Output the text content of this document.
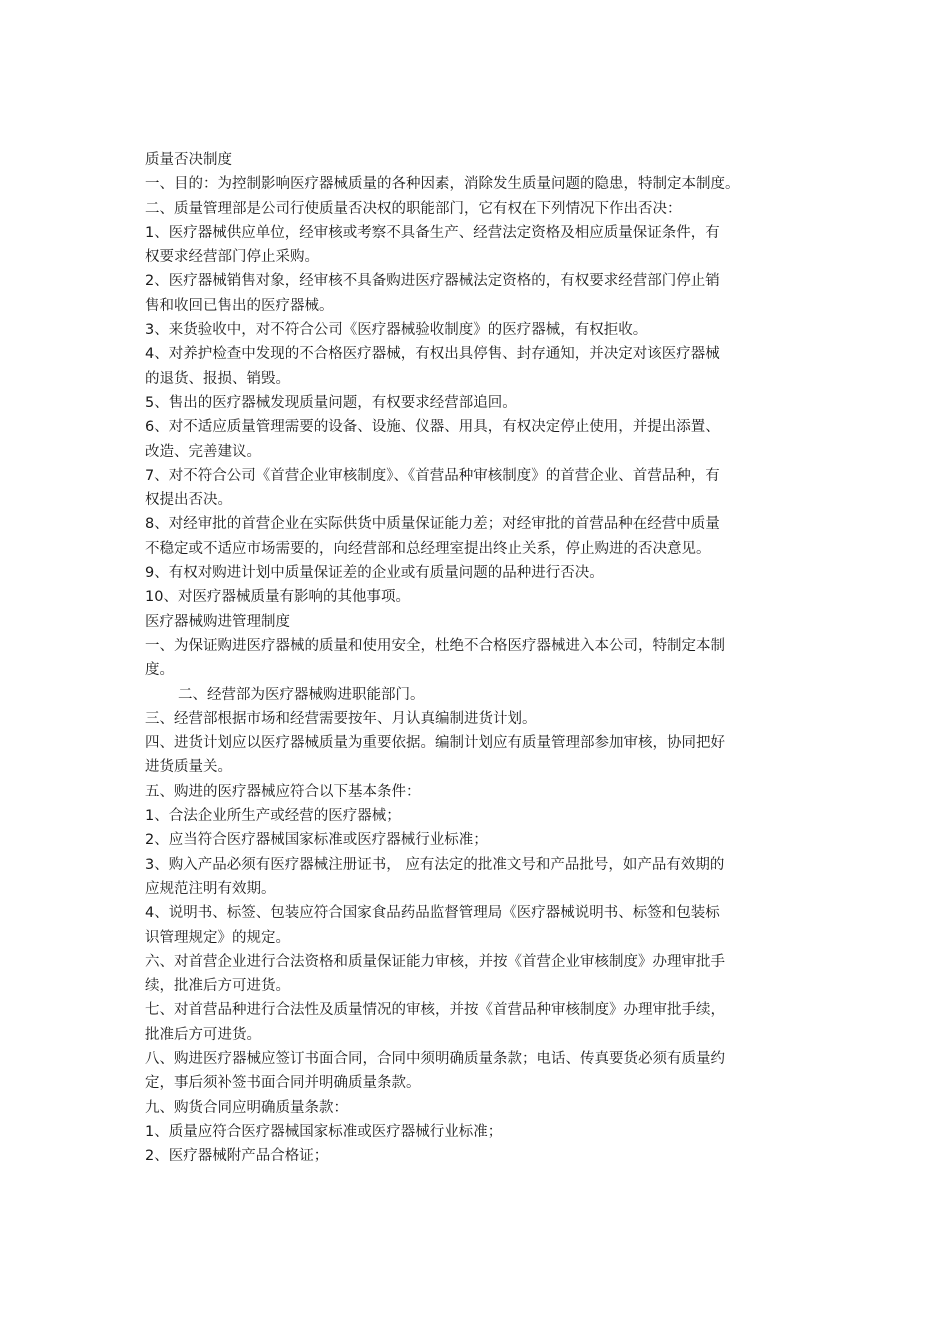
质量否决制度
一、目的：为控制影响医疗器械质量的各种因素，消除发生质量问题的隐患，特制定本制度。
二、质量管理部是公司行使质量否决权的职能部门，它有权在下列情况下作出否决：
1、医疗器械供应单位，经审核或考察不具备生产、经营法定资格及相应质量保证条件，有
权要求经营部门停止采购。
2、医疗器械销售对象，经审核不具备购进医疗器械法定资格的，有权要求经营部门停止销
售和收回已售出的医疗器械。
3、来货验收中，对不符合公司《医疗器械验收制度》的医疗器械，有权拒收。
4、对养护检查中发现的不合格医疗器械，有权出具停售、封存通知，并决定对该医疗器械
的退货、报损、销毁。
5、售出的医疗器械发现质量问题，有权要求经营部追回。
6、对不适应质量管理需要的设备、设施、仪器、用具，有权决定停止使用，并提出添置、
改造、完善建议。
7、对不符合公司《首营企业审核制度》、《首营品种审核制度》的首营企业、首营品种，有
权提出否决。
8、对经审批的首营企业在实际供货中质量保证能力差；对经审批的首营品种在经营中质量
不稳定或不适应市场需要的，向经营部和总经理室提出终止关系，停止购进的否决意见。
9、有权对购进计划中质量保证差的企业或有质量问题的品种进行否决。
10、对医疗器械质量有影响的其他事项。
医疗器械购进管理制度
一、为保证购进医疗器械的质量和使用安全，杜绝不合格医疗器械进入本公司，特制定本制
度。
二、经营部为医疗器械购进职能部门。
三、经营部根据市场和经营需要按年、月认真编制进货计划。
四、进货计划应以医疗器械质量为重要依据。编制计划应有质量管理部参加审核，协同把好
进货质量关。
五、购进的医疗器械应符合以下基本条件：
1、合法企业所生产或经营的医疗器械；
2、应当符合医疗器械国家标准或医疗器械行业标准；
3、购入产品必须有医疗器械注册证书， 应有法定的批准文号和产品批号，如产品有效期的
应规范注明有效期。
4、说明书、标签、包装应符合国家食品药品监督管理局《医疗器械说明书、标签和包装标
识管理规定》的规定。
六、对首营企业进行合法资格和质量保证能力审核，并按《首营企业审核制度》办理审批手
续，批准后方可进货。
七、对首营品种进行合法性及质量情况的审核，并按《首营品种审核制度》办理审批手续，
批准后方可进货。
八、购进医疗器械应签订书面合同，合同中须明确质量条款；电话、传真要货必须有质量约
定，事后须补签书面合同并明确质量条款。
九、购货合同应明确质量条款：
1、质量应符合医疗器械国家标准或医疗器械行业标准；
2、医疗器械附产品合格证；
